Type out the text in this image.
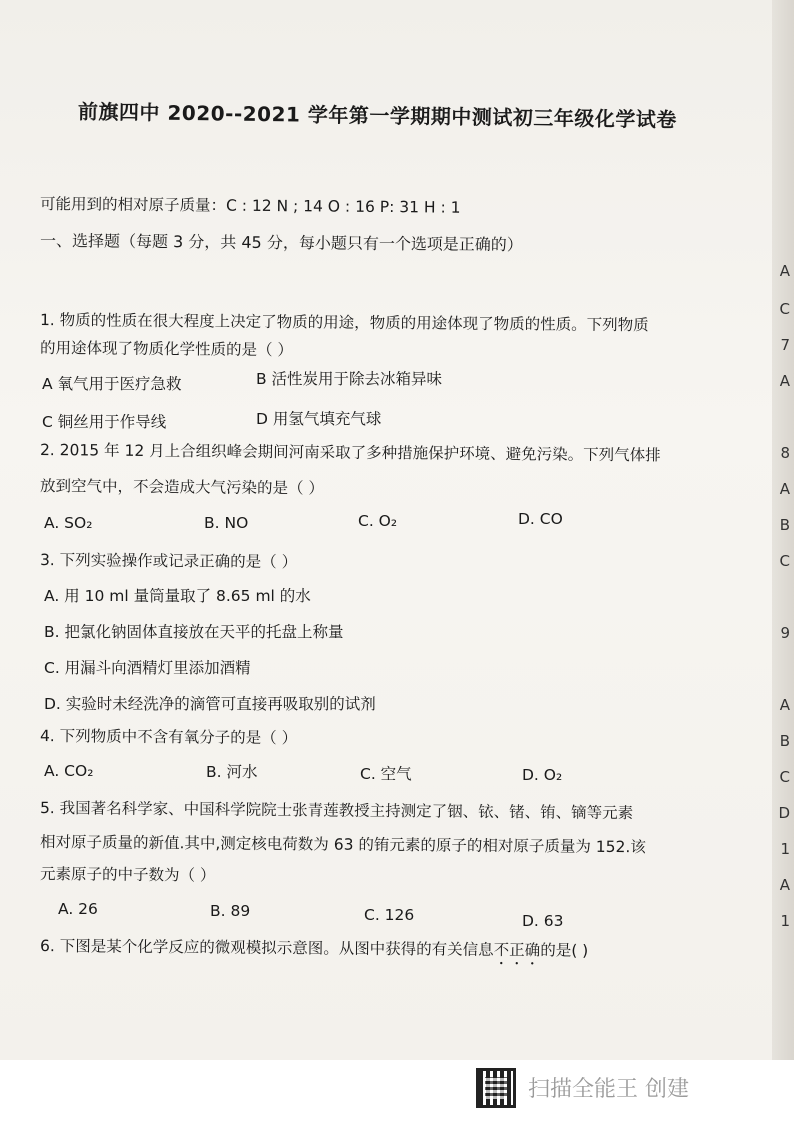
A
C
7
A
8
A
B
C
9
A
B
C
D
1
A
1
前旗四中 2020--2021 学年第一学期期中测试初三年级化学试卷
可能用到的相对原子质量：C : 12 N ; 14 O : 16 P: 31 H : 1
一、选择题（每题 3 分，共 45 分，每小题只有一个选项是正确的）
1. 物质的性质在很大程度上决定了物质的用途，物质的用途体现了物质的性质。下列物质
的用途体现了物质化学性质的是（ ）
A 氧气用于医疗急救	B 活性炭用于除去冰箱异味
C 铜丝用于作导线	D 用氢气填充气球
2. 2015 年 12 月上合组织峰会期间河南采取了多种措施保护环境、避免污染。下列气体排
放到空气中，不会造成大气污染的是（ ）
A. SO₂	B. NO	C. O₂	D. CO
3. 下列实验操作或记录正确的是（ ）
A. 用 10 ml 量筒量取了 8.65 ml 的水
B. 把氯化钠固体直接放在天平的托盘上称量
C. 用漏斗向酒精灯里添加酒精
D. 实验时未经洗净的滴管可直接再吸取别的试剂
4. 下列物质中不含有氧分子的是（ ）
A. CO₂	B. 河水	C. 空气	D. O₂
5. 我国著名科学家、中国科学院院士张青莲教授主持测定了铟、铱、锗、铕、镝等元素
相对原子质量的新值.其中,测定核电荷数为 63 的铕元素的原子的相对原子质量为 152.该
元素原子的中子数为（ ）
A. 26	B. 89	C. 126	D. 63
6. 下图是某个化学反应的微观模拟示意图。从图中获得的有关信息不正确的是( )
扫描全能王 创建
